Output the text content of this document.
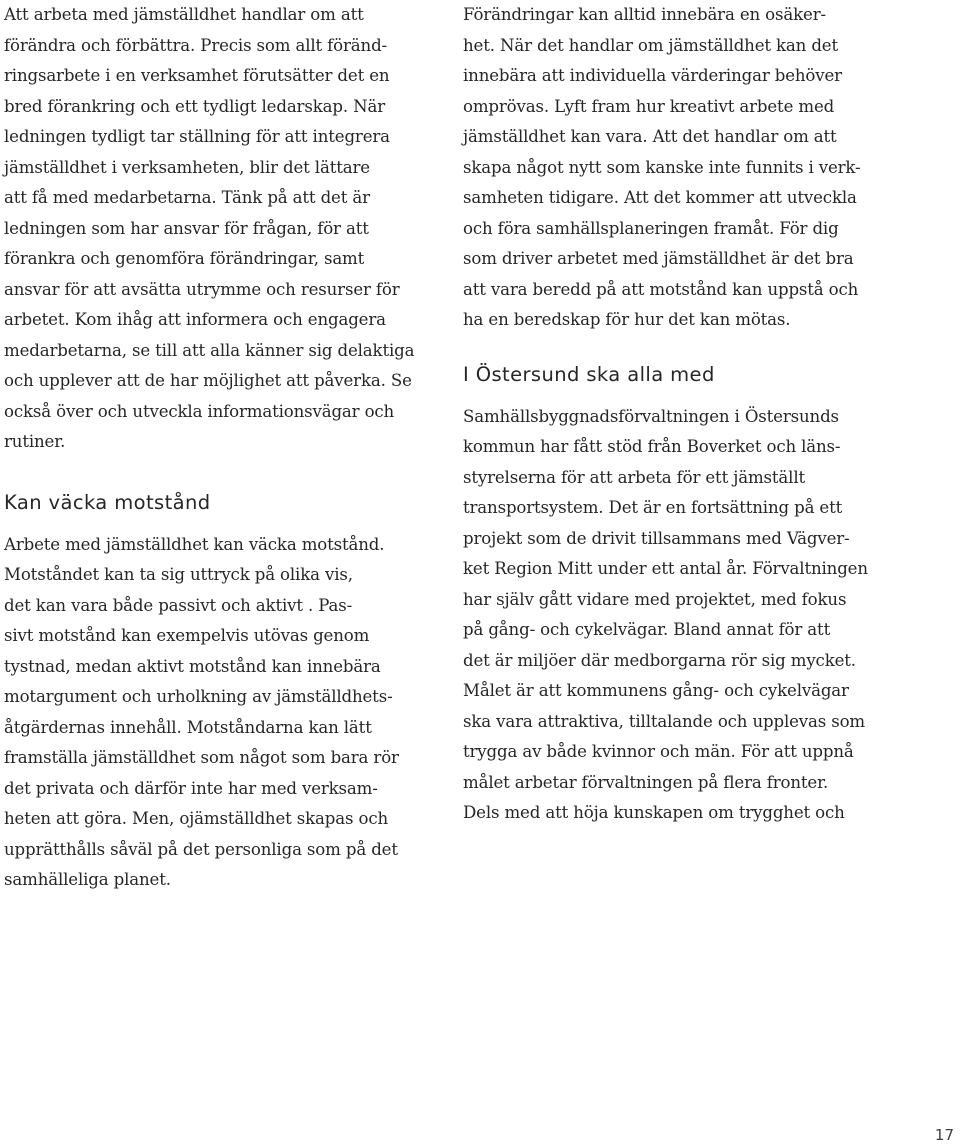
Att arbeta med jämställdhet handlar om att
förändra och förbättra. Precis som allt föränd-
ringsarbete i en verksamhet förutsätter det en
bred förankring och ett tydligt ledarskap. När
ledningen tydligt tar ställning för att integrera
jämställdhet i verksamheten, blir det lättare
att få med medarbetarna. Tänk på att det är
ledningen som har ansvar för frågan, för att
förankra och genomföra förändringar, samt
ansvar för att avsätta utrymme och resurser för
arbetet. Kom ihåg att informera och engagera
medarbetarna, se till att alla känner sig delaktiga
och upplever att de har möjlighet att påverka. Se
också över och utveckla informationsvägar och
rutiner.

Kan väcka motstånd

Arbete med jämställdhet kan väcka motstånd.
Motståndet kan ta sig uttryck på olika vis,
det kan vara både passivt och aktivt . Pas-
sivt motstånd kan exempelvis utövas genom
tystnad, medan aktivt motstånd kan innebära
motargument och urholkning av jämställdhets-
åtgärdernas innehåll. Motståndarna kan lätt
framställa jämställdhet som något som bara rör
det privata och därför inte har med verksam-
heten att göra. Men, ojämställdhet skapas och
upprätthålls såväl på det personliga som på det
samhälleliga planet.

Förändringar kan alltid innebära en osäker-
het. När det handlar om jämställdhet kan det
innebära att individuella värderingar behöver
omprövas. Lyft fram hur kreativt arbete med
jämställdhet kan vara. Att det handlar om att
skapa något nytt som kanske inte funnits i verk-
samheten tidigare. Att det kommer att utveckla
och föra samhällsplaneringen framåt. För dig
som driver arbetet med jämställdhet är det bra
att vara beredd på att motstånd kan uppstå och
ha en beredskap för hur det kan mötas.

I Östersund ska alla med

Samhällsbyggnadsförvaltningen i Östersunds
kommun har fått stöd från Boverket och läns-
styrelserna för att arbeta för ett jämställt
transportsystem. Det är en fortsättning på ett
projekt som de drivit tillsammans med Vägver-
ket Region Mitt under ett antal år. Förvaltningen
har själv gått vidare med projektet, med fokus
på gång- och cykelvägar. Bland annat för att
det är miljöer där medborgarna rör sig mycket.
Målet är att kommunens gång- och cykelvägar
ska vara attraktiva, tilltalande och upplevas som
trygga av både kvinnor och män. För att uppnå
målet arbetar förvaltningen på flera fronter.
Dels med att höja kunskapen om trygghet och

17
